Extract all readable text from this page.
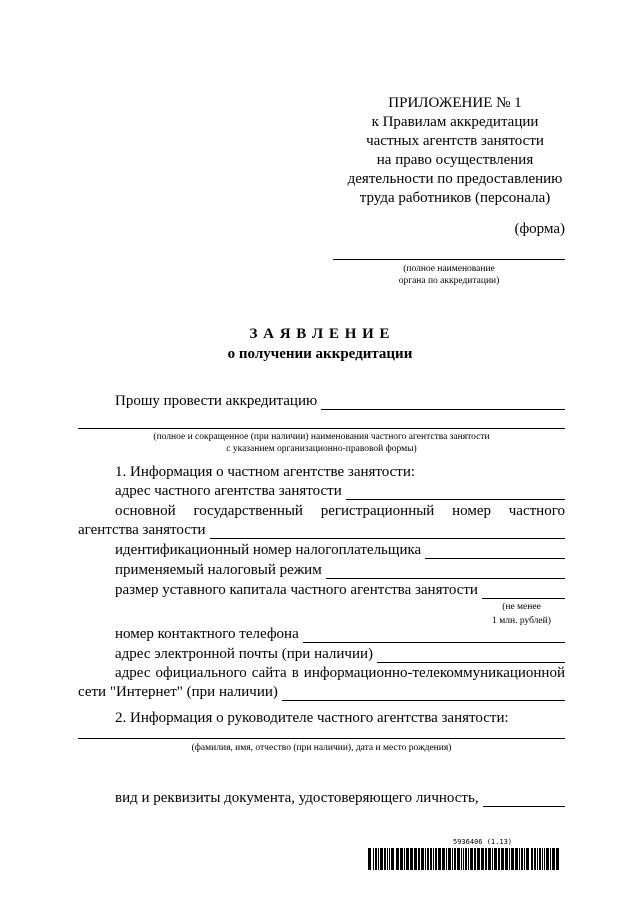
ПРИЛОЖЕНИЕ № 1
к Правилам аккредитации
частных агентств занятости
на право осуществления
деятельности по предоставлению
труда работников (персонала)
(форма)
(полное наименование
органа по аккредитации)
З А Я В Л Е Н И Е
о получении аккредитации
Прошу провести аккредитацию
(полное и сокращенное (при наличии) наименования частного агентства занятости
с указанием организационно-правовой формы)
1. Информация о частном агентстве занятости:
адрес частного агентства занятости
основной государственный регистрационный номер частного
агентства занятости
идентификационный номер налогоплательщика
применяемый налоговый режим
размер уставного капитала частного агентства занятости
(не менее
1 млн. рублей)
номер контактного телефона
адрес электронной почты (при наличии)
адрес официального сайта в информационно-телекоммуникационной
сети "Интернет" (при наличии)
2. Информация о руководителе частного агентства занятости:
(фамилия, имя, отчество (при наличии), дата и место рождения)
вид и реквизиты документа, удостоверяющего личность,
5936406 (1.13)
